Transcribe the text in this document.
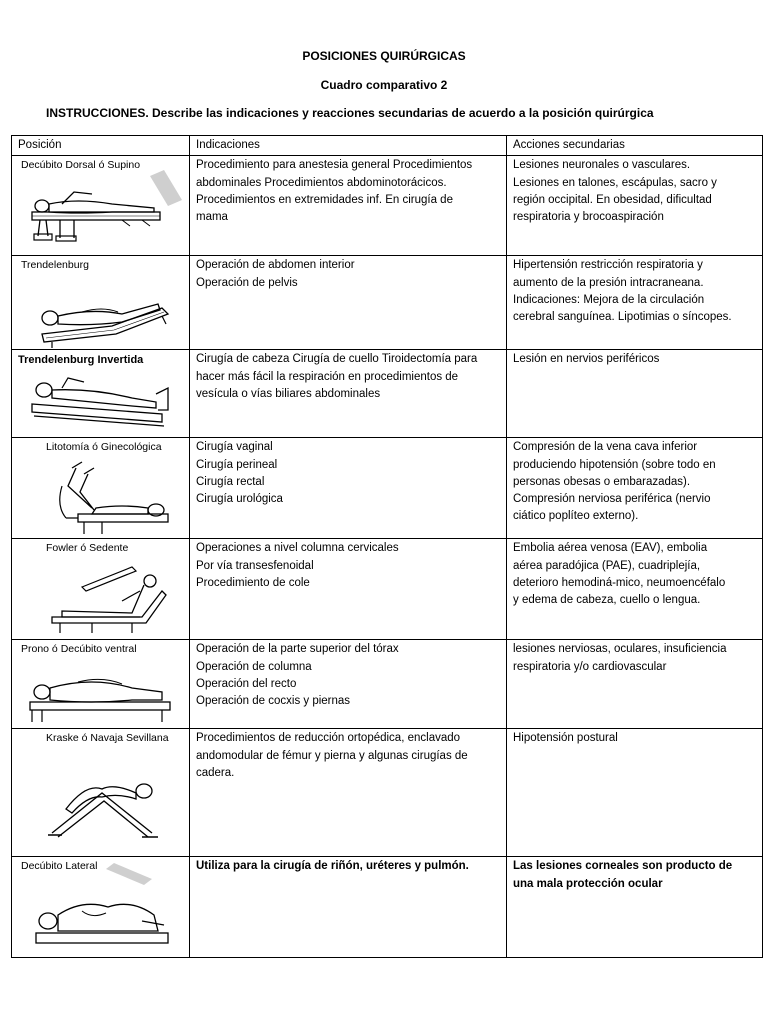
POSICIONES QUIRÚRGICAS
Cuadro comparativo 2
INSTRUCCIONES. Describe las indicaciones y reacciones secundarias de acuerdo a la posición quirúrgica
Posición	Indicaciones	Acciones secundarias

Decúbito Dorsal ó Supino	Procedimiento para anestesia general Procedimientos
abdominales Procedimientos abdominotorácicos.
Procedimientos en extremidades inf. En cirugía de
mama	Lesiones neuronales o vasculares.
Lesiones en talones, escápulas, sacro y
región occipital. En obesidad, dificultad
respiratoria y brocoaspiración

Trendelenburg	Operación de abdomen interior
Operación de pelvis	Hipertensión restricción respiratoria y
aumento de la presión intracraneana.
Indicaciones: Mejora de la circulación
cerebral sanguínea. Lipotimias o síncopes.

Trendelenburg Invertida	Cirugía de cabeza Cirugía de cuello Tiroidectomía para
hacer más fácil la respiración en procedimientos de
vesícula o vías biliares abdominales	Lesión en nervios periféricos

Litotomía ó Ginecológica	Cirugía vaginal
Cirugía perineal
Cirugía rectal
Cirugía urológica	Compresión de la vena cava inferior
produciendo hipotensión (sobre todo en
personas obesas o embarazadas).
Compresión nerviosa periférica (nervio
ciático poplíteo externo).

Fowler ó Sedente	Operaciones a nivel columna cervicales
Por vía transesfenoidal
Procedimiento de cole	Embolia aérea venosa (EAV), embolia
aérea paradójica (PAE), cuadriplejía,
deterioro hemodiná-mico, neumoencéfalo
y edema de cabeza, cuello o lengua.

Prono ó Decúbito ventral	Operación de la parte superior del tórax
Operación de columna
Operación del recto
Operación de cocxis y piernas	lesiones nerviosas, oculares, insuficiencia
respiratoria y/o cardiovascular

Kraske ó Navaja Sevillana	Procedimientos de reducción ortopédica, enclavado
andomodular de fémur y pierna y algunas cirugías de
cadera.	Hipotensión postural

Decúbito Lateral	Utiliza para la cirugía de riñón, uréteres y pulmón.	Las lesiones corneales son producto de
una mala protección ocular
